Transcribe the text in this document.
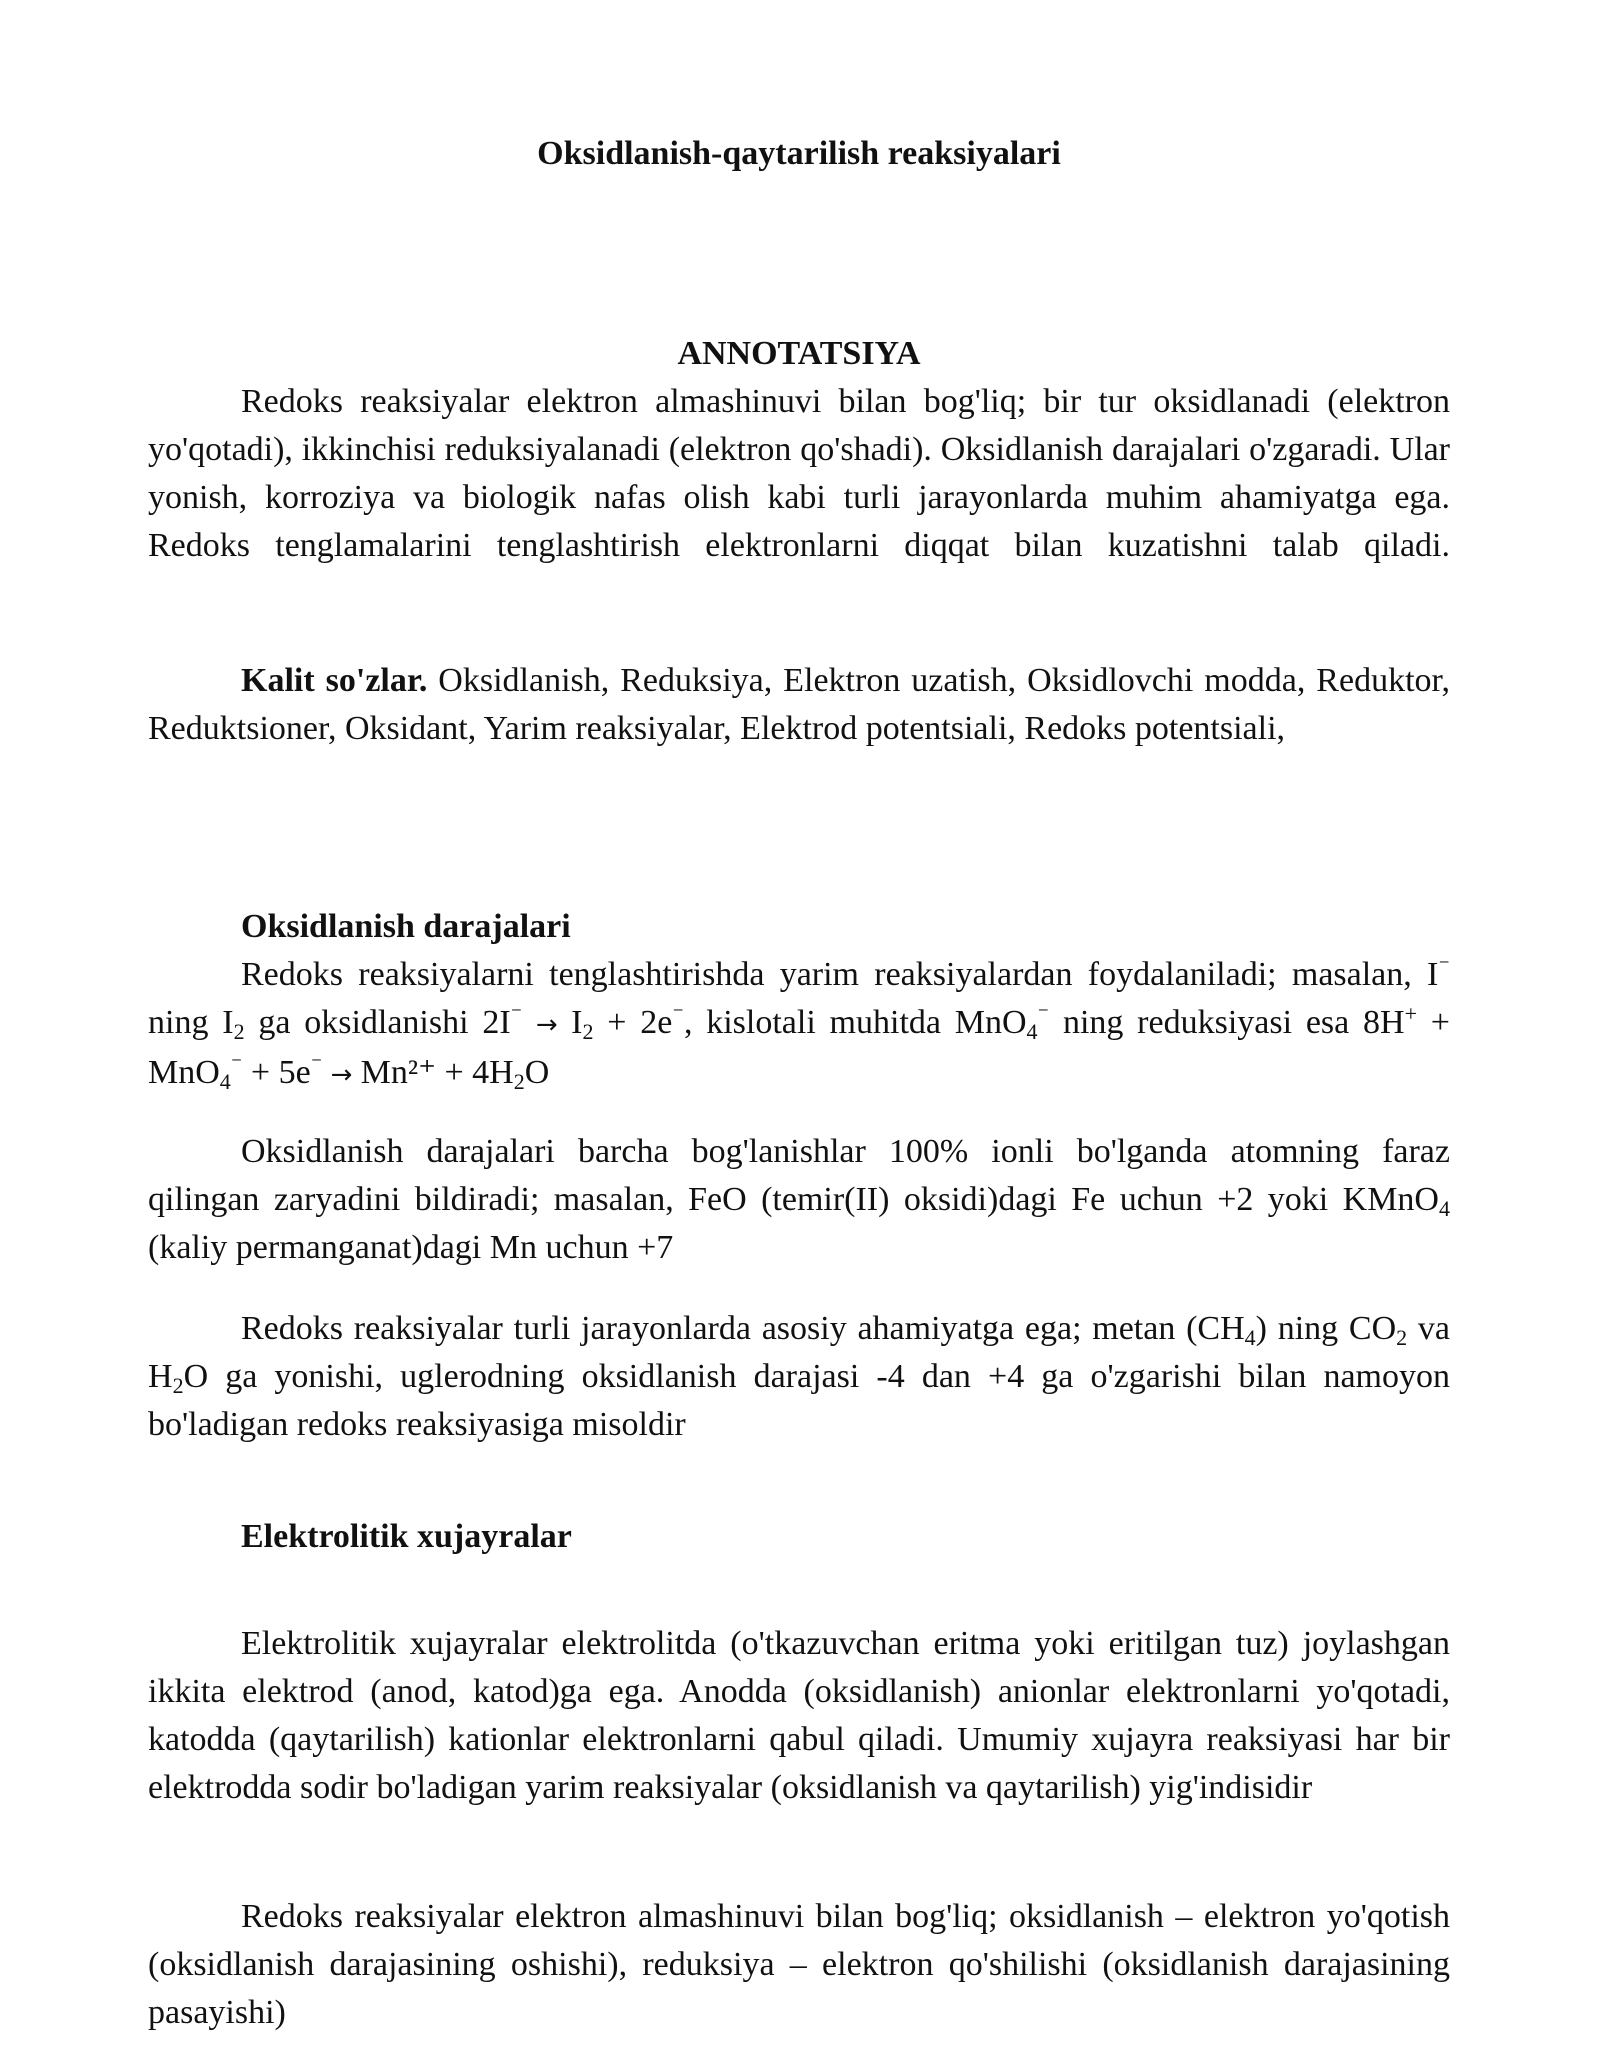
Oksidlanish-qaytarilish reaksiyalari
ANNOTATSIYA

Redoks reaksiyalar elektron almashinuvi bilan bog'liq; bir tur oksidlanadi (elektron yo'qotadi), ikkinchisi reduksiyalanadi (elektron qo'shadi). Oksidlanish darajalari o'zgaradi. Ular yonish, korroziya va biologik nafas olish kabi turli jarayonlarda muhim ahamiyatga ega. Redoks tenglamalarini tenglashtirish elektronlarni diqqat bilan kuzatishni talab qiladi.

Kalit so'zlar. Oksidlanish, Reduksiya, Elektron uzatish, Oksidlovchi modda, Reduktor, Reduktsioner, Oksidant, Yarim reaksiyalar, Elektrod potentsiali, Redoks potentsiali,

Oksidlanish darajalari

Redoks reaksiyalarni tenglashtirishda yarim reaksiyalardan foydalaniladi; masalan, I⁻ ning $I_2$ ga oksidlanishi $2I^{^-} \to I_2 + 2e^{^-}$, kislotali muhitda MnO$_4$⁻ ning reduksiyasi esa $8H^+ + MnO_4^{^-} + 5e^{^-} \to Mn^{2+} + 4H_2O$

Oksidlanish darajalari barcha bog'lanishlar 100% ionli bo'lganda atomning faraz qilingan zaryadini bildiradi; masalan, FeO (temir(II) oksidi)dagi Fe uchun +2 yoki KMnO$_4$ (kaliy permanganat)dagi Mn uchun +7

Redoks reaksiyalar turli jarayonlarda asosiy ahamiyatga ega; metan $(CH_4)$ ning $CO_2$ va $H_2O$ ga yonishi, uglerodning oksidlanish darajasi -4 dan +4 ga o'zgarishi bilan namoyon bo'ladigan redoks reaksiyasiga misoldir

Elektrolitik xujayralar

Elektrolitik xujayralar elektrolitda (o'tkazuvchan eritma yoki eritilgan tuz) joylashgan ikkita elektrod (anod, katod)ga ega. Anodda (oksidlanish) anionlar elektronlarni yo'qotadi, katodda (qaytarilish) kationlar elektronlarni qabul qiladi. Umumiy xujayra reaksiyasi har bir elektrodda sodir bo'ladigan yarim reaksiyalar (oksidlanish va qaytarilish) yig'indisidir

Redoks reaksiyalar elektron almashinuvi bilan bog'liq; oksidlanish – elektron yo'qotish (oksidlanish darajasining oshishi), reduksiya – elektron qo'shilishi (oksidlanish darajasining pasayishi)
